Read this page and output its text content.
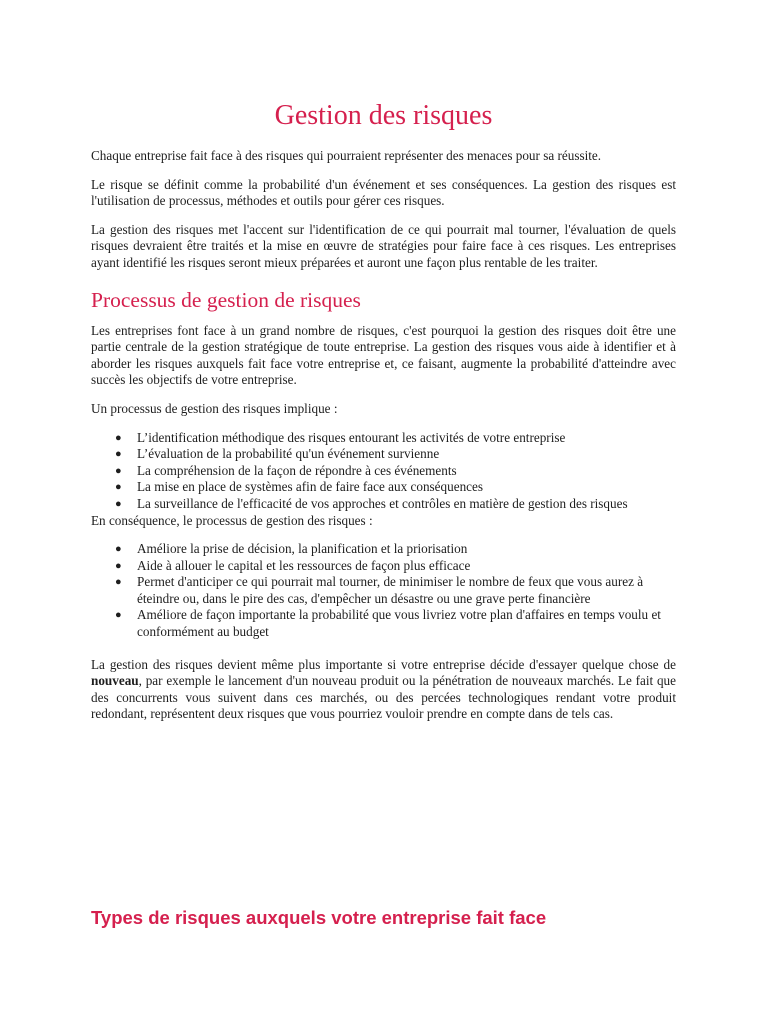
Gestion des risques

Chaque entreprise fait face à des risques qui pourraient représenter des menaces pour sa réussite.

Le risque se définit comme la probabilité d'un événement et ses conséquences. La gestion des risques est l'utilisation de processus, méthodes et outils pour gérer ces risques.

La gestion des risques met l'accent sur l'identification de ce qui pourrait mal tourner, l'évaluation de quels risques devraient être traités et la mise en œuvre de stratégies pour faire face à ces risques. Les entreprises ayant identifié les risques seront mieux préparées et auront une façon plus rentable de les traiter.

Processus de gestion de risques

Les entreprises font face à un grand nombre de risques, c'est pourquoi la gestion des risques doit être une partie centrale de la gestion stratégique de toute entreprise. La gestion des risques vous aide à identifier et à aborder les risques auxquels fait face votre entreprise et, ce faisant, augmente la probabilité d'atteindre avec succès les objectifs de votre entreprise.

Un processus de gestion des risques implique :

● L’identification méthodique des risques entourant les activités de votre entreprise
● L’évaluation de la probabilité qu'un événement survienne
● La compréhension de la façon de répondre à ces événements
● La mise en place de systèmes afin de faire face aux conséquences
● La surveillance de l'efficacité de vos approches et contrôles en matière de gestion des risques

En conséquence, le processus de gestion des risques :

● Améliore la prise de décision, la planification et la priorisation
● Aide à allouer le capital et les ressources de façon plus efficace
● Permet d'anticiper ce qui pourrait mal tourner, de minimiser le nombre de feux que vous aurez à éteindre ou, dans le pire des cas, d'empêcher un désastre ou une grave perte financière
● Améliore de façon importante la probabilité que vous livriez votre plan d'affaires en temps voulu et conformément au budget

La gestion des risques devient même plus importante si votre entreprise décide d'essayer quelque chose de nouveau, par exemple le lancement d'un nouveau produit ou la pénétration de nouveaux marchés. Le fait que des concurrents vous suivent dans ces marchés, ou des percées technologiques rendant votre produit redondant, représentent deux risques que vous pourriez vouloir prendre en compte dans de tels cas.

Types de risques auxquels votre entreprise fait face
